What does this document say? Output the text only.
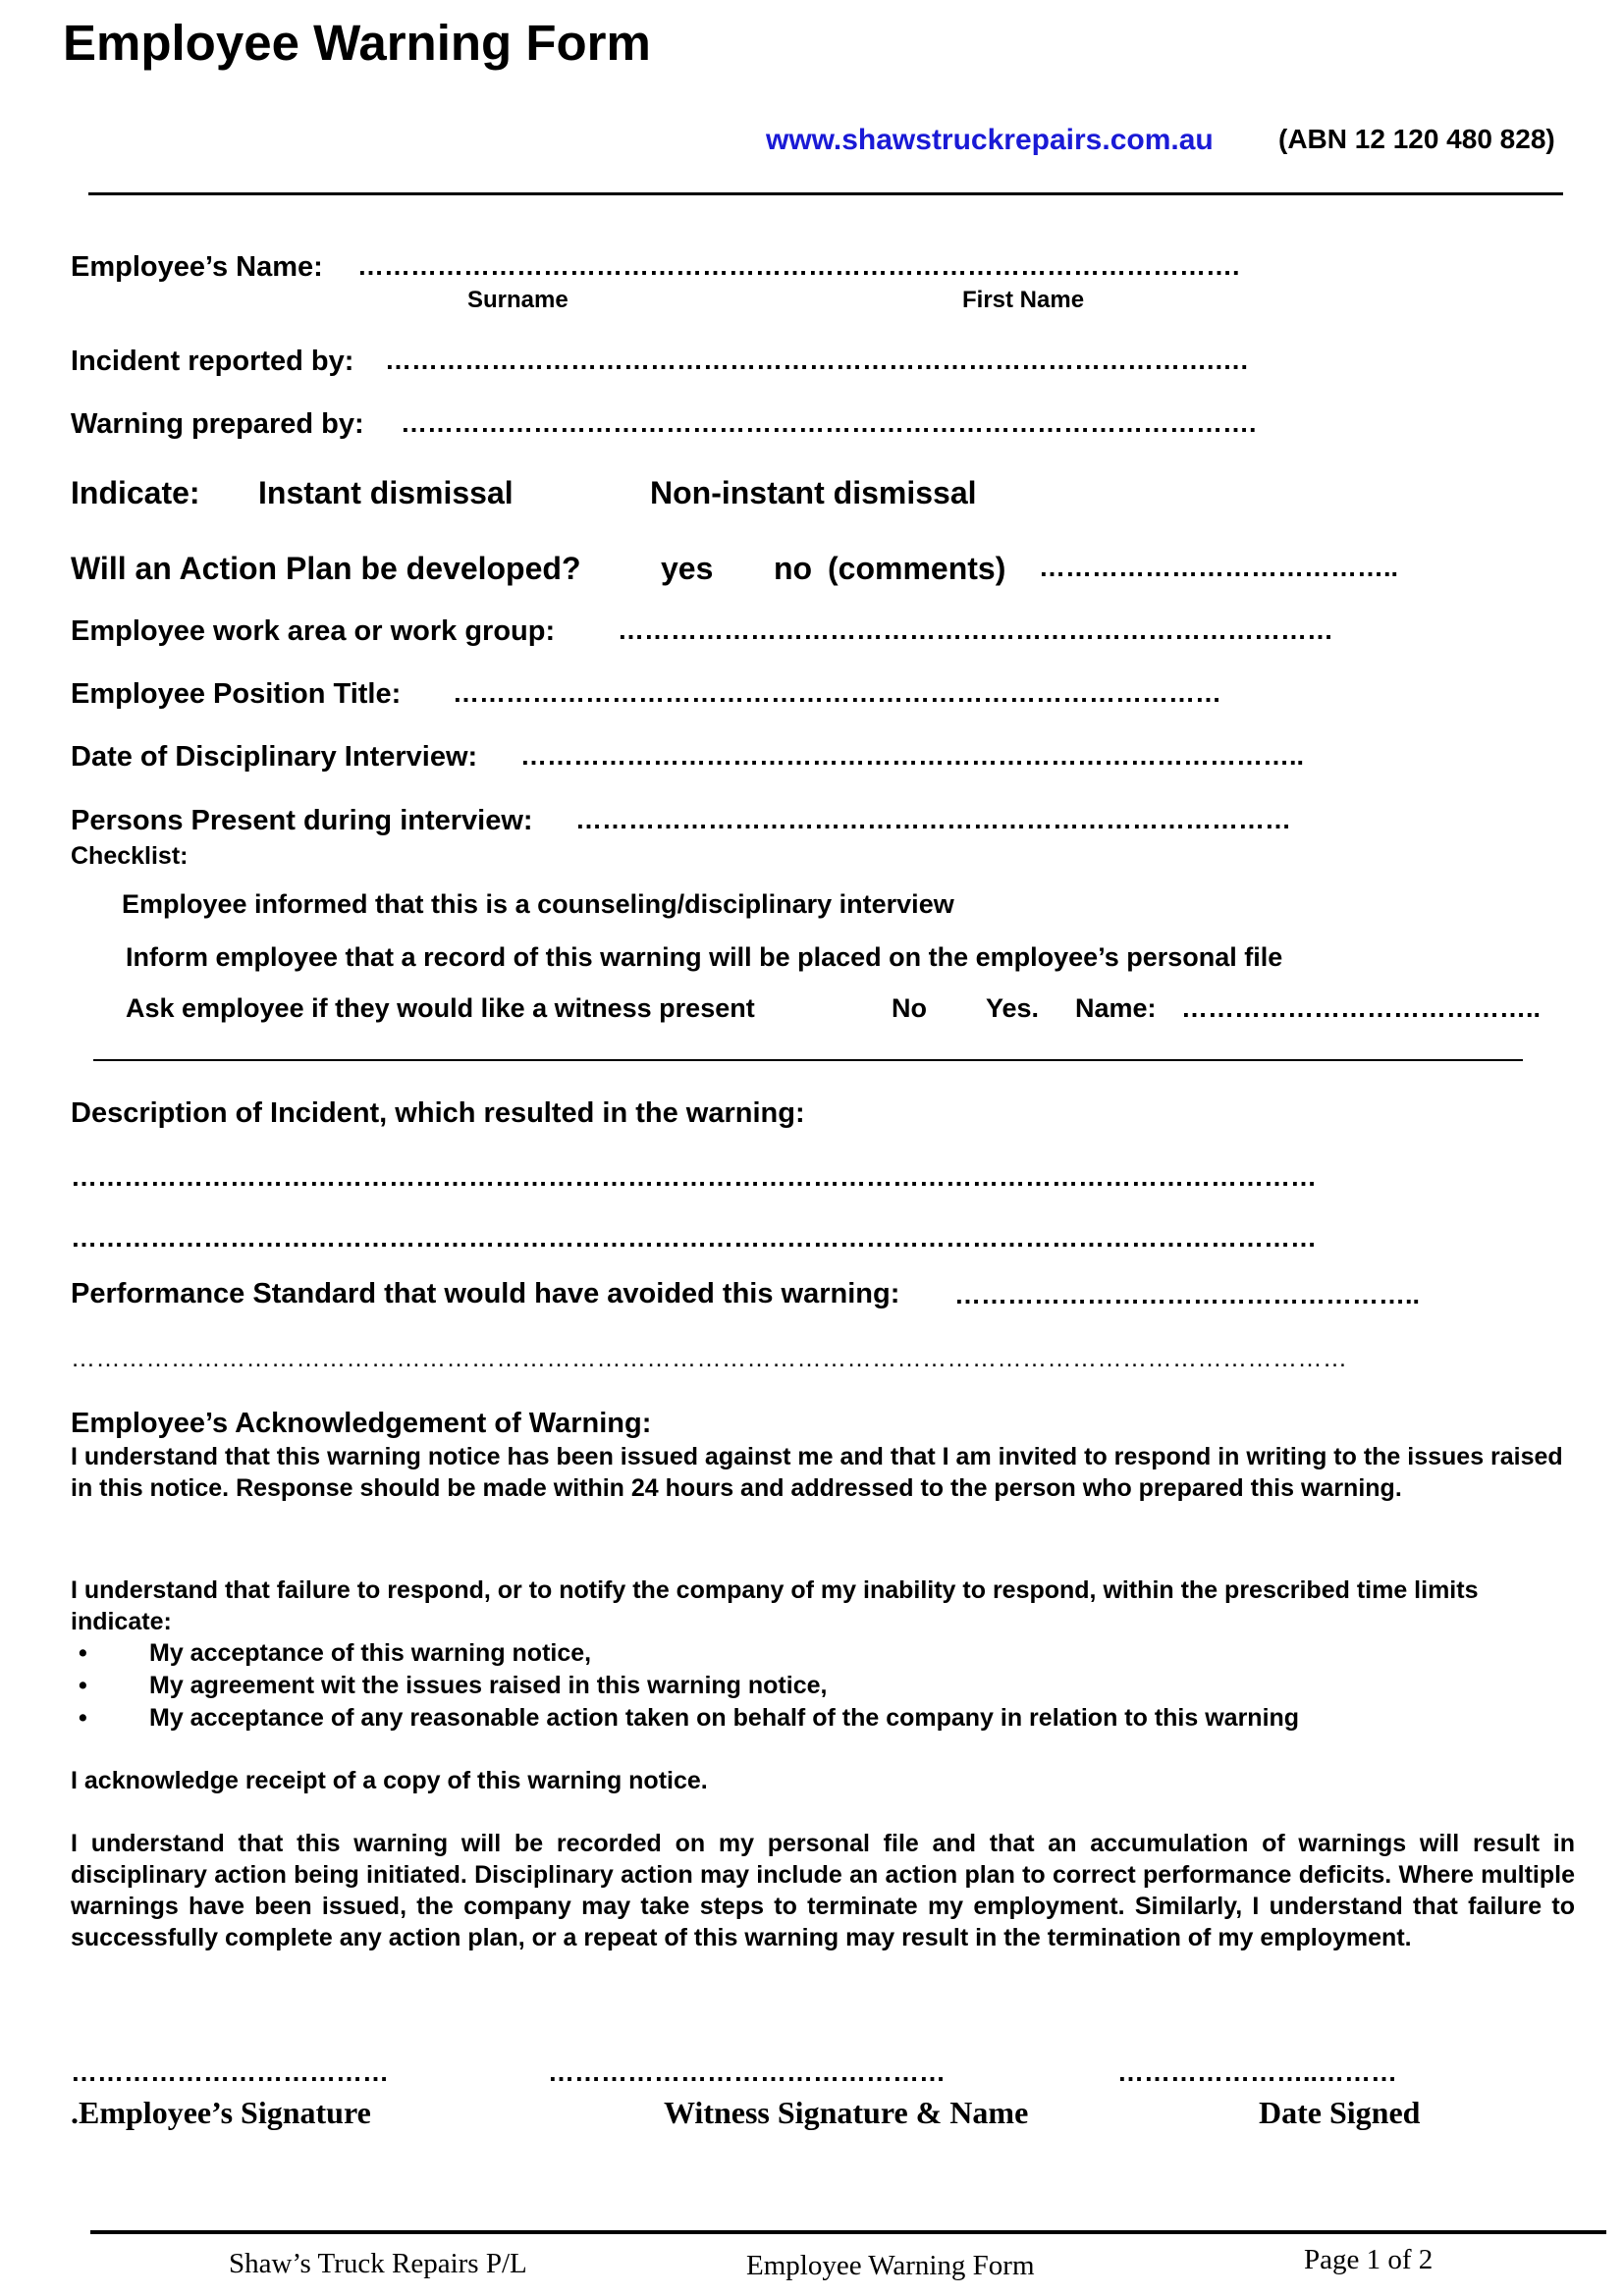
Employee Warning Form
www.shawstruckrepairs.com.au (ABN 12 120 480 828)
Employee’s Name: ……………………………………………………………………………………….
Surname	First Name
Incident reported by: ………………………………………………………………………………….….
Warning prepared by: …………………………………………………………………………………….
Indicate: Instant dismissal	Non-instant dismissal
Will an Action Plan be developed?	yes no (comments) …………………………………..
Employee work area or work group: ………………………………………………………………………
Employee Position Title: ……………………………………………………………………………
Date of Disciplinary Interview: ……………………………………………………………………………..
Persons Present during interview: ………………………………………………………………………
Checklist:
Employee informed that this is a counseling/disciplinary interview
Inform employee that a record of this warning will be placed on the employee’s personal file
Ask employee if they would like a witness present	No Yes. Name: …………………………………..
Description of Incident, which resulted in the warning:
……………………………………………………………………………………………………………………………
……………………………………………………………………………………………………………………………
Performance Standard that would have avoided this warning: ……………………………………………..
………………………………………………………………………………………………………………………………………
Employee’s Acknowledgement of Warning:
I understand that this warning notice has been issued against me and that I am invited to respond in writing to the issues raised in this notice. Response should be made within 24 hours and addressed to the person who prepared this warning.
I understand that failure to respond, or to notify the company of my inability to respond, within the prescribed time limits indicate:
•	My acceptance of this warning notice,
•	My agreement wit the issues raised in this warning notice,
•	My acceptance of any reasonable action taken on behalf of the company in relation to this warning
I acknowledge receipt of a copy of this warning notice.
I understand that this warning will be recorded on my personal file and that an accumulation of warnings will result in disciplinary action being initiated. Disciplinary action may include an action plan to correct performance deficits. Where multiple warnings have been issued, the company may take steps to terminate my employment. Similarly, I understand that failure to successfully complete any action plan, or a repeat of this warning may result in the termination of my employment.
………………………………	………………………………………	…………………..………
.Employee’s Signature	Witness Signature & Name	Date Signed
Shaw’s Truck Repairs P/L	Employee Warning Form	Page 1 of 2
